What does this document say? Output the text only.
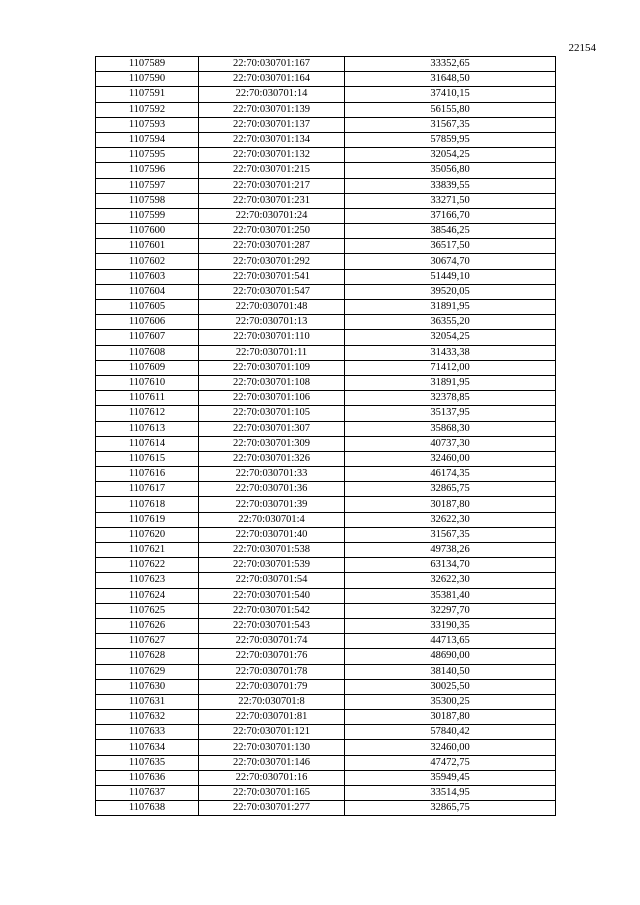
22154
1107589	22:70:030701:167	33352,65
1107590	22:70:030701:164	31648,50
1107591	22:70:030701:14	37410,15
1107592	22:70:030701:139	56155,80
1107593	22:70:030701:137	31567,35
1107594	22:70:030701:134	57859,95
1107595	22:70:030701:132	32054,25
1107596	22:70:030701:215	35056,80
1107597	22:70:030701:217	33839,55
1107598	22:70:030701:231	33271,50
1107599	22:70:030701:24	37166,70
1107600	22:70:030701:250	38546,25
1107601	22:70:030701:287	36517,50
1107602	22:70:030701:292	30674,70
1107603	22:70:030701:541	51449,10
1107604	22:70:030701:547	39520,05
1107605	22:70:030701:48	31891,95
1107606	22:70:030701:13	36355,20
1107607	22:70:030701:110	32054,25
1107608	22:70:030701:11	31433,38
1107609	22:70:030701:109	71412,00
1107610	22:70:030701:108	31891,95
1107611	22:70:030701:106	32378,85
1107612	22:70:030701:105	35137,95
1107613	22:70:030701:307	35868,30
1107614	22:70:030701:309	40737,30
1107615	22:70:030701:326	32460,00
1107616	22:70:030701:33	46174,35
1107617	22:70:030701:36	32865,75
1107618	22:70:030701:39	30187,80
1107619	22:70:030701:4	32622,30
1107620	22:70:030701:40	31567,35
1107621	22:70:030701:538	49738,26
1107622	22:70:030701:539	63134,70
1107623	22:70:030701:54	32622,30
1107624	22:70:030701:540	35381,40
1107625	22:70:030701:542	32297,70
1107626	22:70:030701:543	33190,35
1107627	22:70:030701:74	44713,65
1107628	22:70:030701:76	48690,00
1107629	22:70:030701:78	38140,50
1107630	22:70:030701:79	30025,50
1107631	22:70:030701:8	35300,25
1107632	22:70:030701:81	30187,80
1107633	22:70:030701:121	57840,42
1107634	22:70:030701:130	32460,00
1107635	22:70:030701:146	47472,75
1107636	22:70:030701:16	35949,45
1107637	22:70:030701:165	33514,95
1107638	22:70:030701:277	32865,75
